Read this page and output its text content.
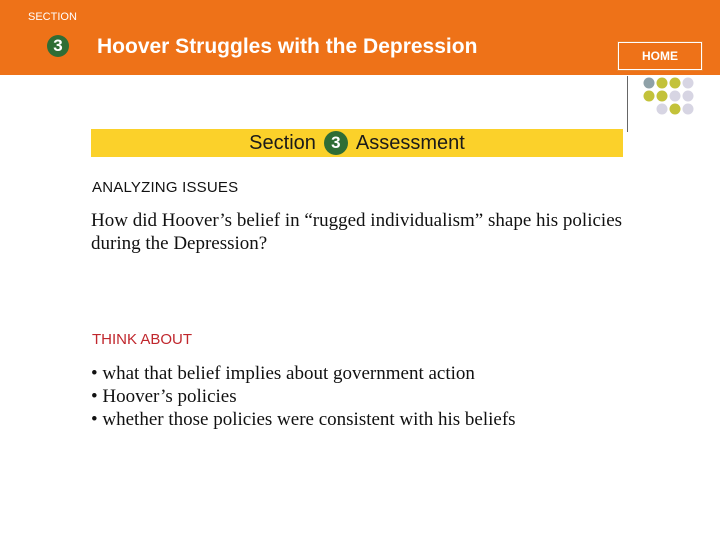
SECTION
3 Hoover Struggles with the Depression	HOME
Section 3 Assessment
ANALYZING ISSUES
How did Hoover’s belief in “rugged individualism” shape his policies during the Depression?
THINK ABOUT
• what that belief implies about government action
• Hoover’s policies
• whether those policies were consistent with his beliefs
